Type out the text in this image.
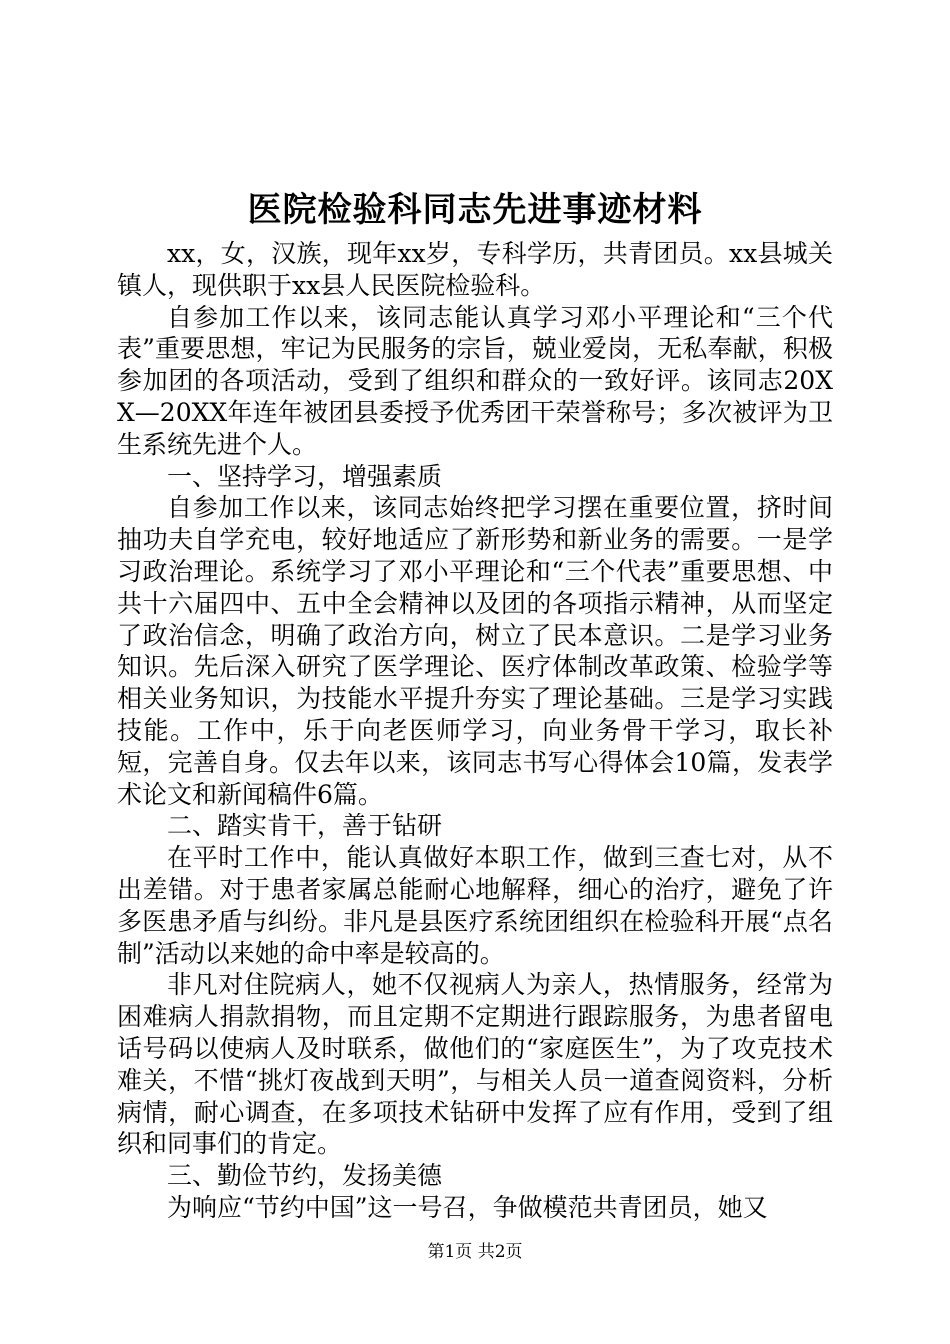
医院检验科同志先进事迹材料

xx，女，汉族，现年xx岁，专科学历，共青团员。xx县城关镇人，现供职于xx县人民医院检验科。

自参加工作以来，该同志能认真学习邓小平理论和“三个代表”重要思想，牢记为民服务的宗旨，兢业爱岗，无私奉献，积极参加团的各项活动，受到了组织和群众的一致好评。该同志20XX—20XX年连年被团县委授予优秀团干荣誉称号；多次被评为卫生系统先进个人。

一、坚持学习，增强素质

自参加工作以来，该同志始终把学习摆在重要位置，挤时间抽功夫自学充电，较好地适应了新形势和新业务的需要。一是学习政治理论。系统学习了邓小平理论和“三个代表”重要思想、中共十六届四中、五中全会精神以及团的各项指示精神，从而坚定了政治信念，明确了政治方向，树立了民本意识。二是学习业务知识。先后深入研究了医学理论、医疗体制改革政策、检验学等相关业务知识，为技能水平提升夯实了理论基础。三是学习实践技能。工作中，乐于向老医师学习，向业务骨干学习，取长补短，完善自身。仅去年以来，该同志书写心得体会10篇，发表学术论文和新闻稿件6篇。

二、踏实肯干，善于钻研

在平时工作中，能认真做好本职工作，做到三查七对，从不出差错。对于患者家属总能耐心地解释，细心的治疗，避免了许多医患矛盾与纠纷。非凡是县医疗系统团组织在检验科开展“点名制”活动以来她的命中率是较高的。

非凡对住院病人，她不仅视病人为亲人，热情服务，经常为困难病人捐款捐物，而且定期不定期进行跟踪服务，为患者留电话号码以使病人及时联系，做他们的“家庭医生”，为了攻克技术难关，不惜“挑灯夜战到天明”，与相关人员一道查阅资料，分析病情，耐心调查，在多项技术钻研中发挥了应有作用，受到了组织和同事们的肯定。

三、勤俭节约，发扬美德

为响应“节约中国”这一号召，争做模范共青团员，她又

第1页 共2页
